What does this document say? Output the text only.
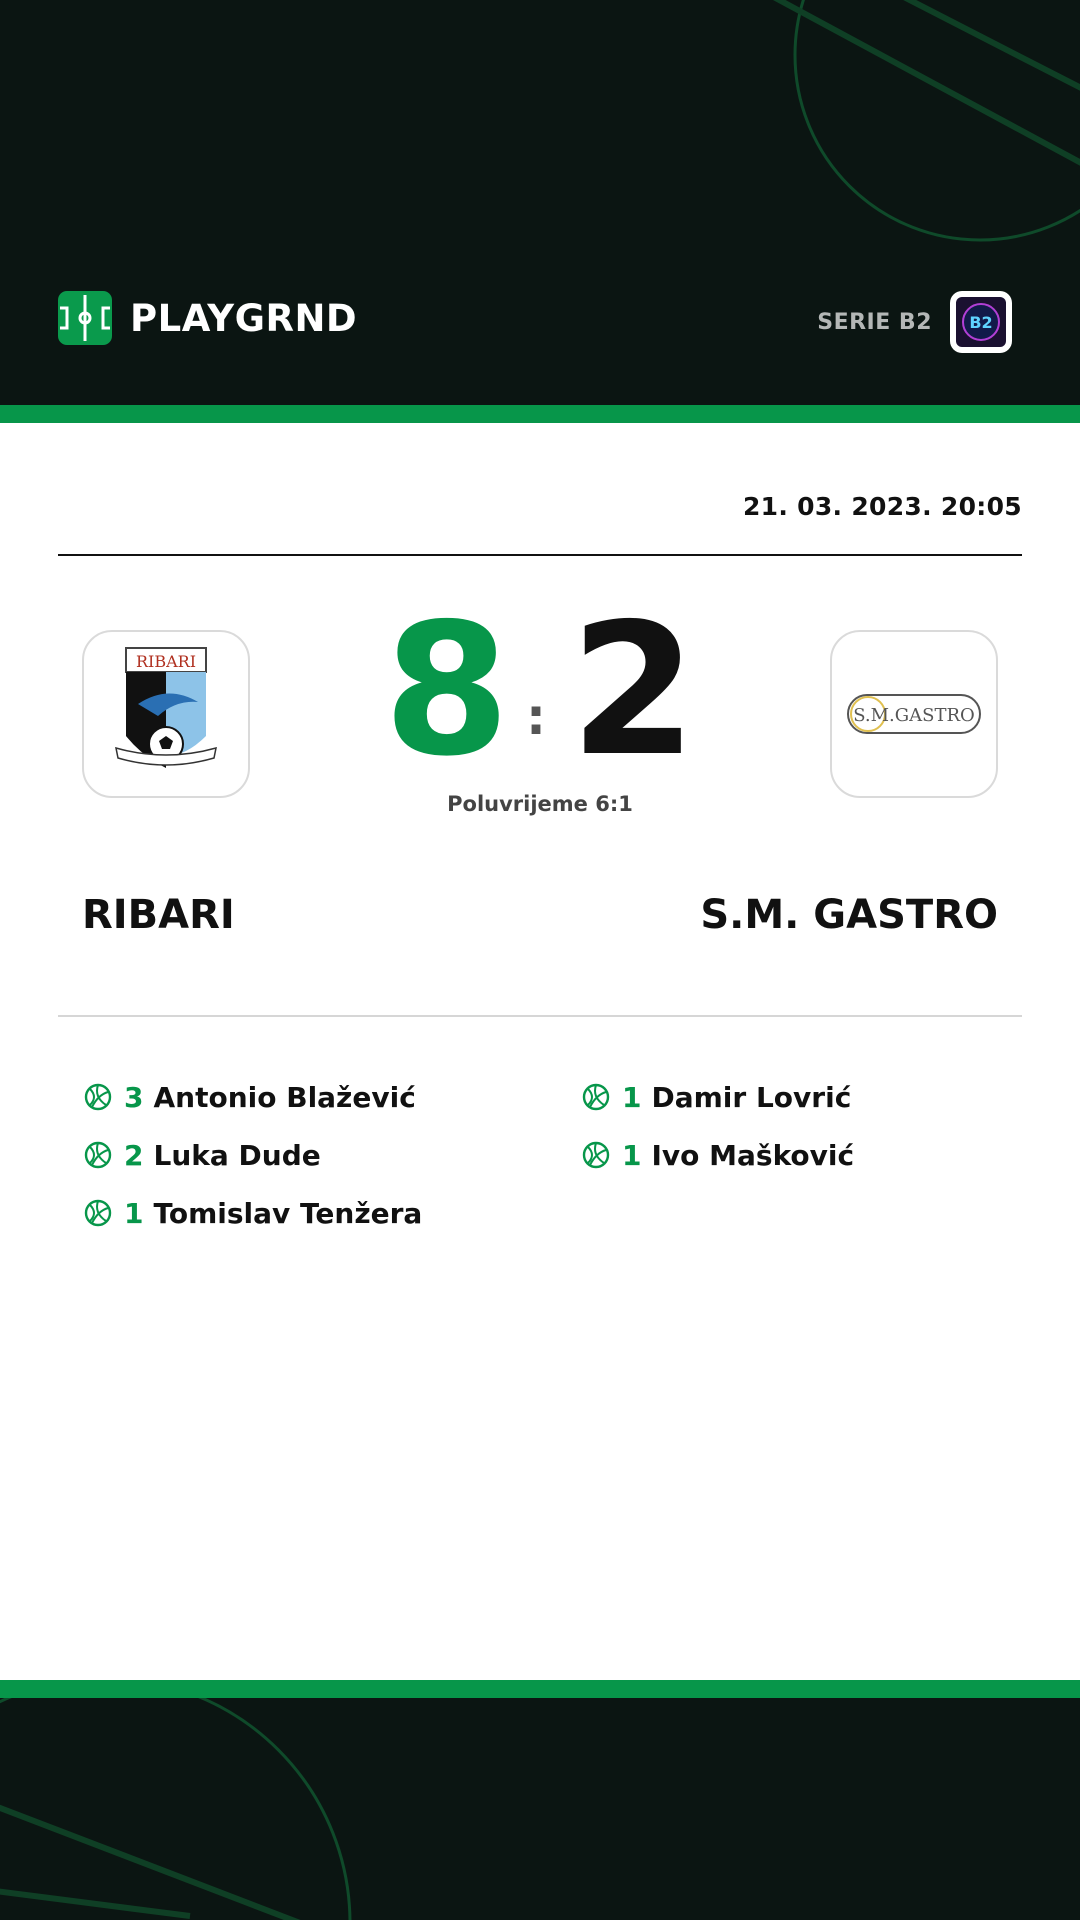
PLAYGRND	SERIE B2 B2
21. 03. 2023. 20:05
RIBARI
S.M.GASTRO
8 : 2
Poluvrijeme 6:1
RIBARI	S.M. GASTRO
3 Antonio Blažević
2 Luka Dude
1 Tomislav Tenžera
1 Damir Lovrić
1 Ivo Mašković
